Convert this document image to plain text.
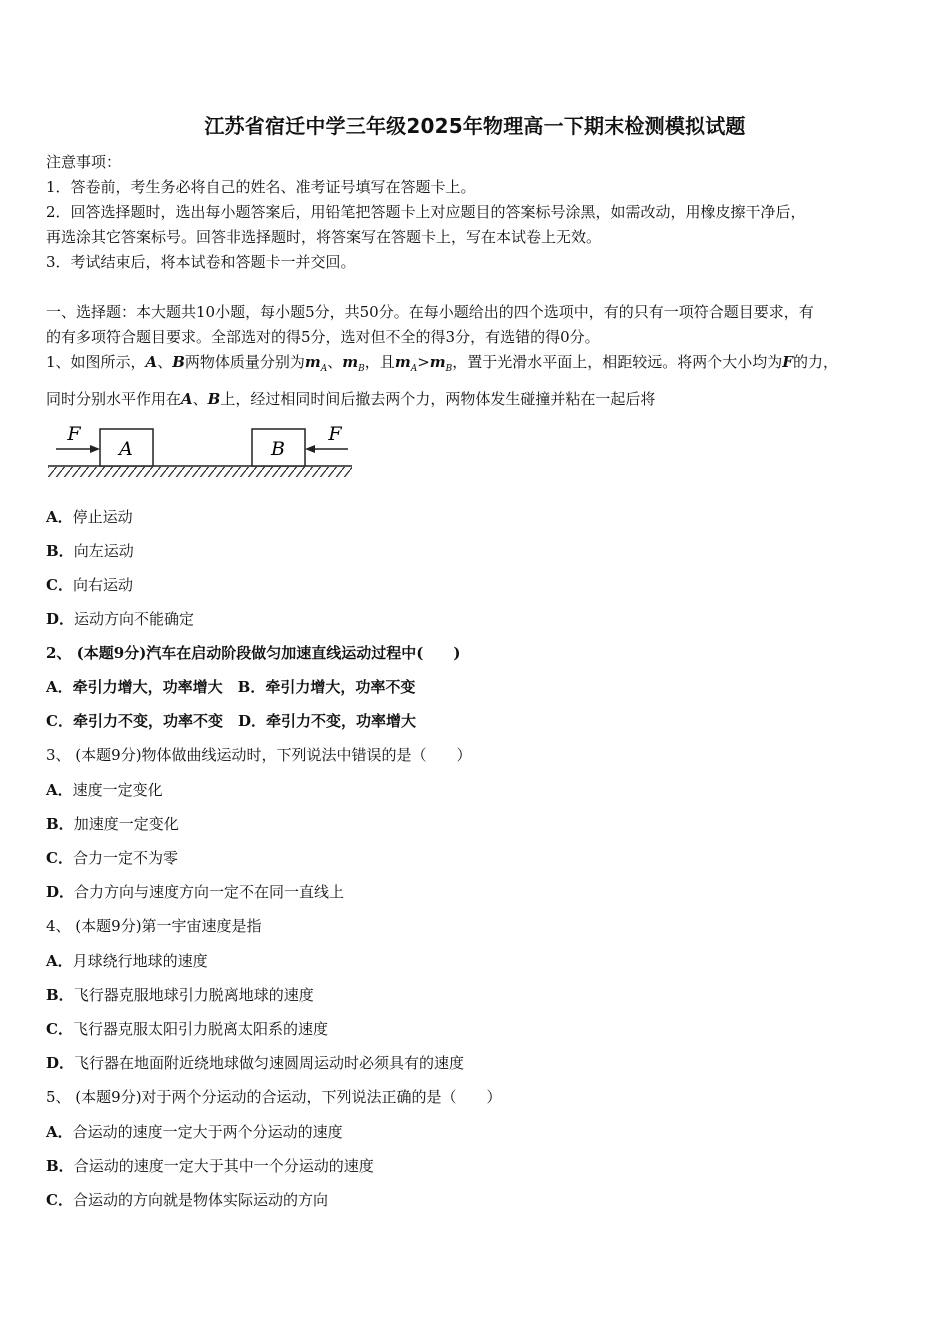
江苏省宿迁中学三年级2025年物理高一下期末检测模拟试题
注意事项：
1．答卷前，考生务必将自己的姓名、准考证号填写在答题卡上。
2．回答选择题时，选出每小题答案后，用铅笔把答题卡上对应题目的答案标号涂黑，如需改动，用橡皮擦干净后，
再选涂其它答案标号。回答非选择题时，将答案写在答题卡上，写在本试卷上无效。
3．考试结束后，将本试卷和答题卡一并交回。
一、选择题：本大题共10小题，每小题5分，共50分。在每小题给出的四个选项中，有的只有一项符合题目要求，有
的有多项符合题目要求。全部选对的得5分，选对但不全的得3分，有选错的得0分。
1、如图所示，A、B两物体质量分别为$m_A$、$m_B$，且$m_A>m_B$，置于光滑水平面上，相距较远。将两个大小均为F的力，
同时分别水平作用在A、B上，经过相同时间后撤去两个力，两物体发生碰撞并粘在一起后将
A	B
F	F
A．停止运动
B．向左运动
C．向右运动
D．运动方向不能确定
2、 (本题9分)汽车在启动阶段做匀加速直线运动过程中(　　)
A．牵引力增大，功率增大　B．牵引力增大，功率不变
C．牵引力不变，功率不变　D．牵引力不变，功率增大
3、 (本题9分)物体做曲线运动时，下列说法中错误的是（　　）
A．速度一定变化
B．加速度一定变化
C．合力一定不为零
D．合力方向与速度方向一定不在同一直线上
4、 (本题9分)第一宇宙速度是指
A．月球绕行地球的速度
B．飞行器克服地球引力脱离地球的速度
C．飞行器克服太阳引力脱离太阳系的速度
D．飞行器在地面附近绕地球做匀速圆周运动时必须具有的速度
5、 (本题9分)对于两个分运动的合运动，下列说法正确的是（　　）
A．合运动的速度一定大于两个分运动的速度
B．合运动的速度一定大于其中一个分运动的速度
C．合运动的方向就是物体实际运动的方向
